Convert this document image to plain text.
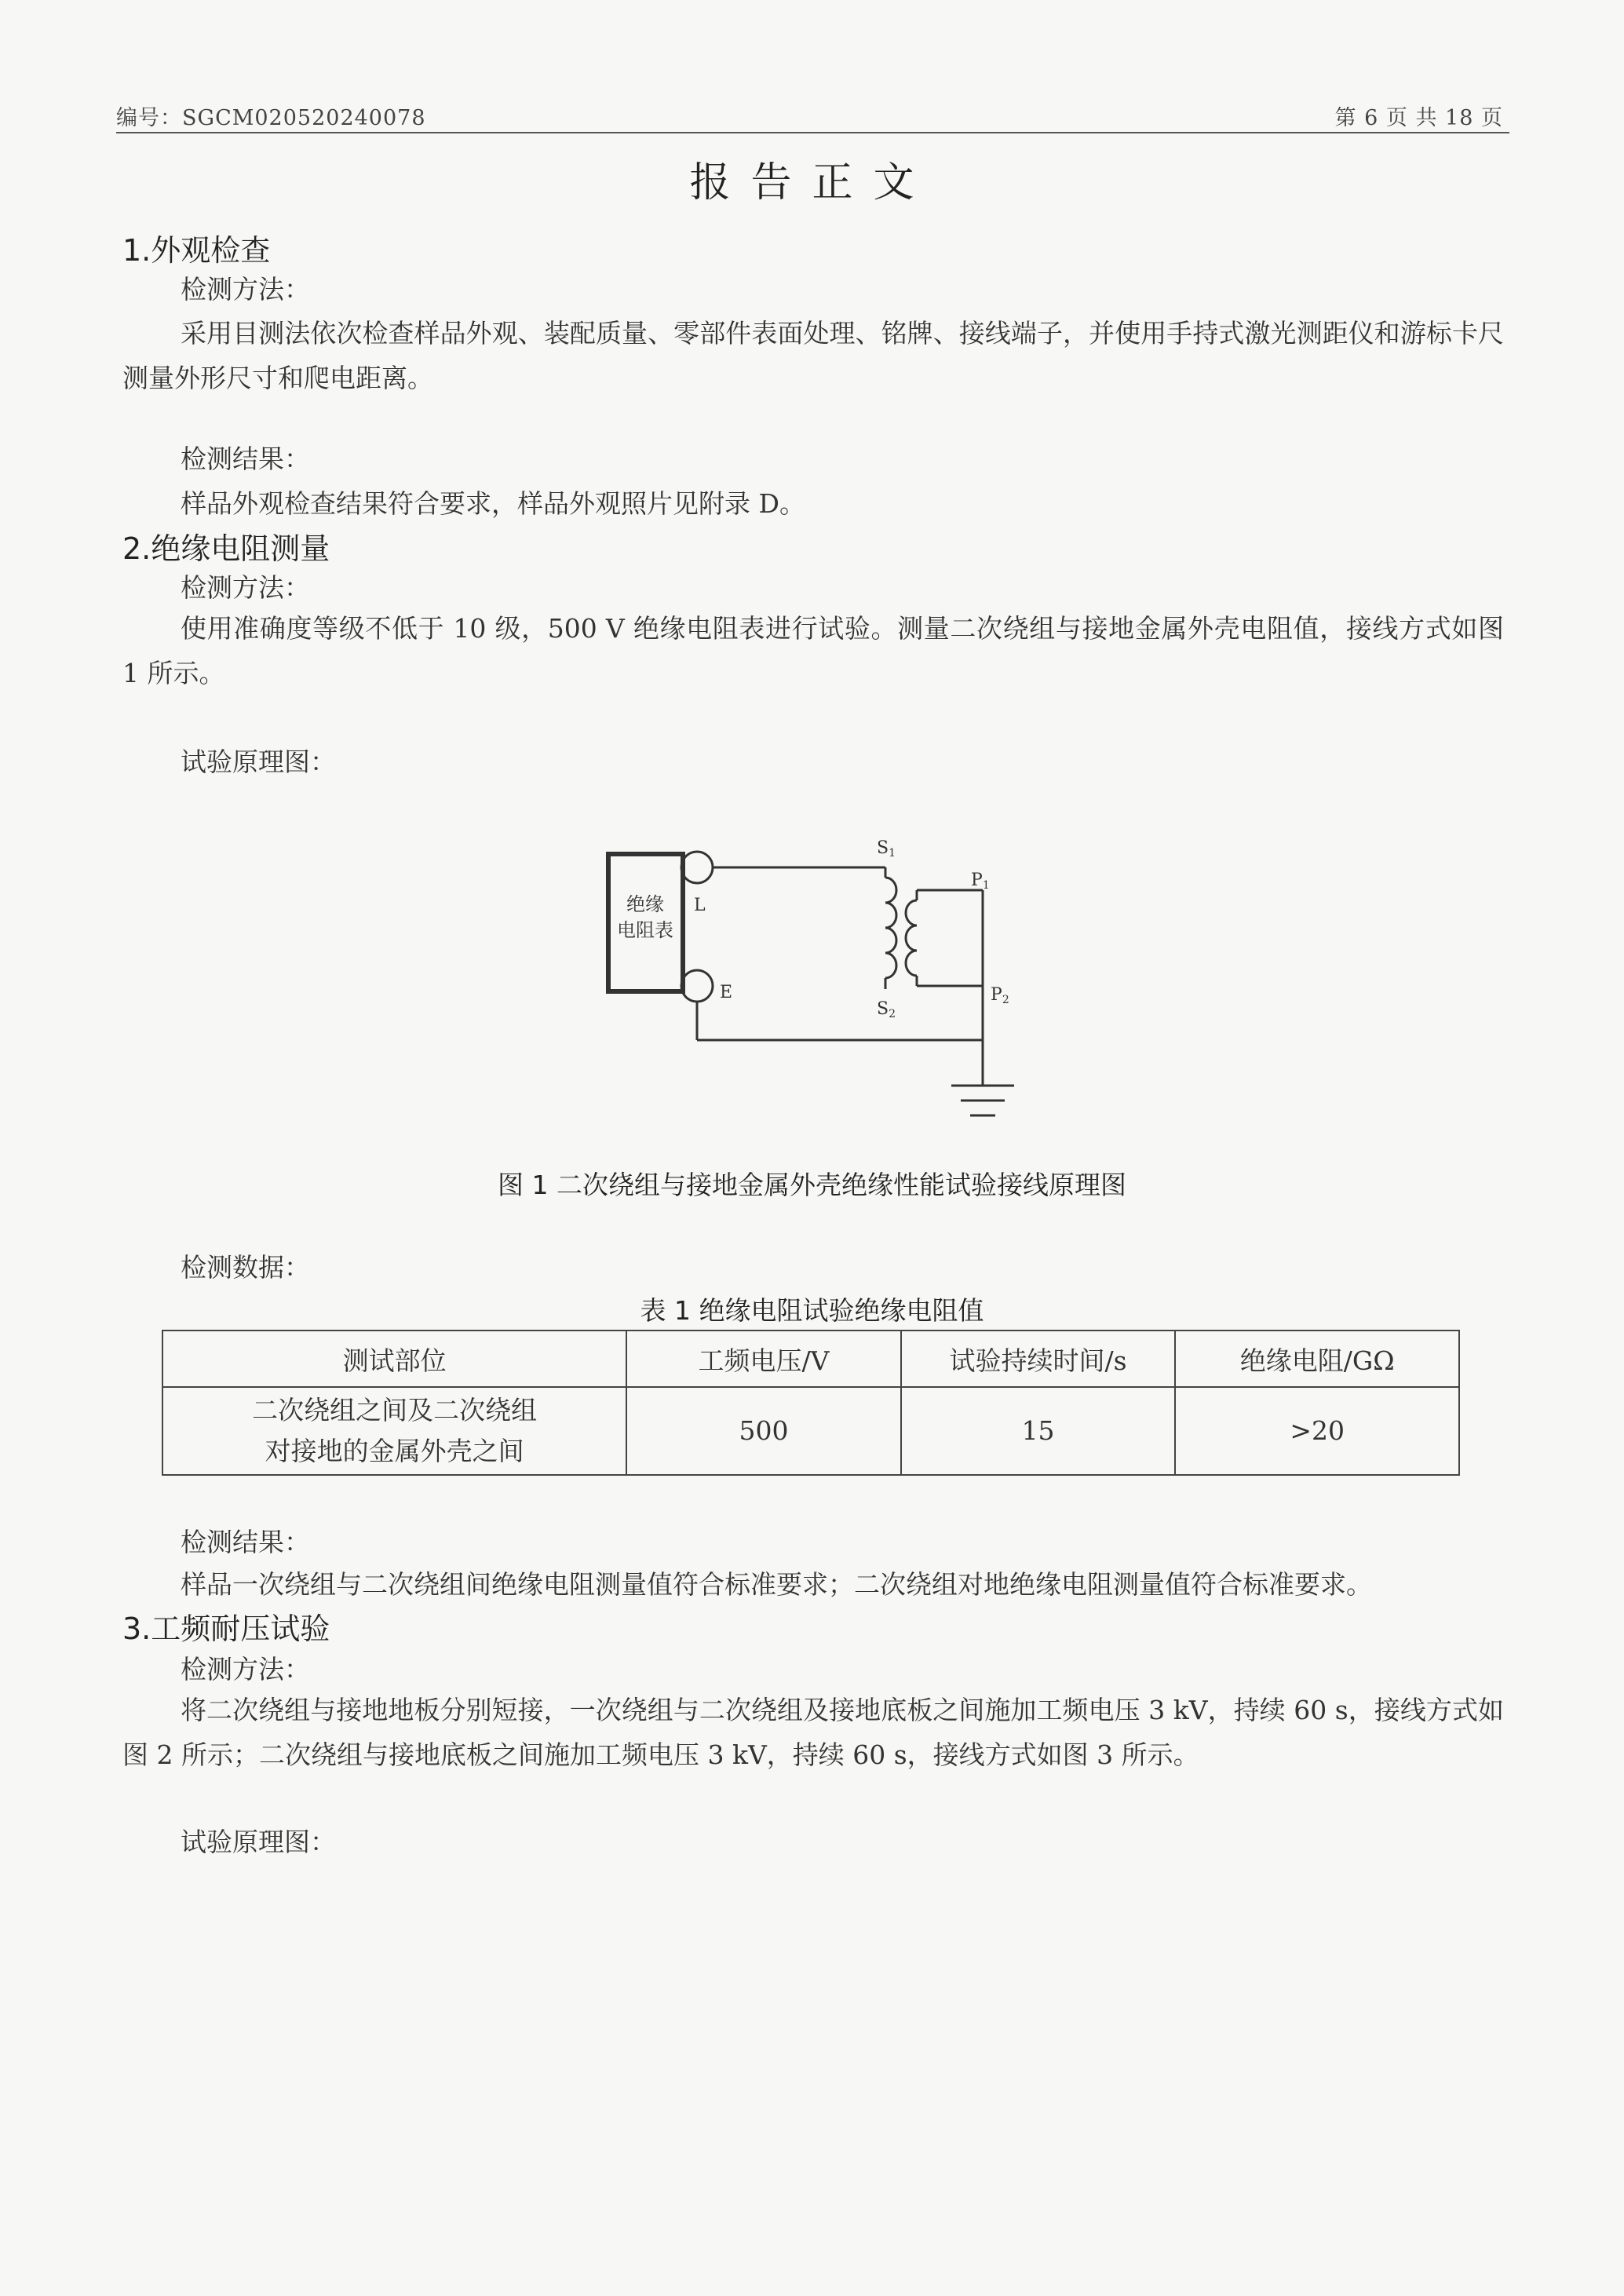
编号：SGCM020520240078	第 6 页 共 18 页
报告正文
1.外观检查
检测方法：
采用目测法依次检查样品外观、装配质量、零部件表面处理、铭牌、接线端子，并使用手持式激光测距仪和游标卡尺测量外形尺寸和爬电距离。
检测结果：
样品外观检查结果符合要求，样品外观照片见附录 D。
2.绝缘电阻测量
检测方法：
使用准确度等级不低于 10 级，500 V 绝缘电阻表进行试验。测量二次绕组与接地金属外壳电阻值，接线方式如图 1 所示。
试验原理图：
绝缘
电阻表
L
E
S1
S2
P1
P2
图 1 二次绕组与接地金属外壳绝缘性能试验接线原理图
检测数据：
表 1 绝缘电阻试验绝缘电阻值
测试部位	工频电压/V	试验持续时间/s	绝缘电阻/GΩ

二次绕组之间及二次绕组
对接地的金属外壳之间	500	15	>20
检测结果：
样品一次绕组与二次绕组间绝缘电阻测量值符合标准要求；二次绕组对地绝缘电阻测量值符合标准要求。
3.工频耐压试验
检测方法：
将二次绕组与接地地板分别短接，一次绕组与二次绕组及接地底板之间施加工频电压 3 kV，持续 60 s，接线方式如图 2 所示；二次绕组与接地底板之间施加工频电压 3 kV，持续 60 s，接线方式如图 3 所示。
试验原理图：
